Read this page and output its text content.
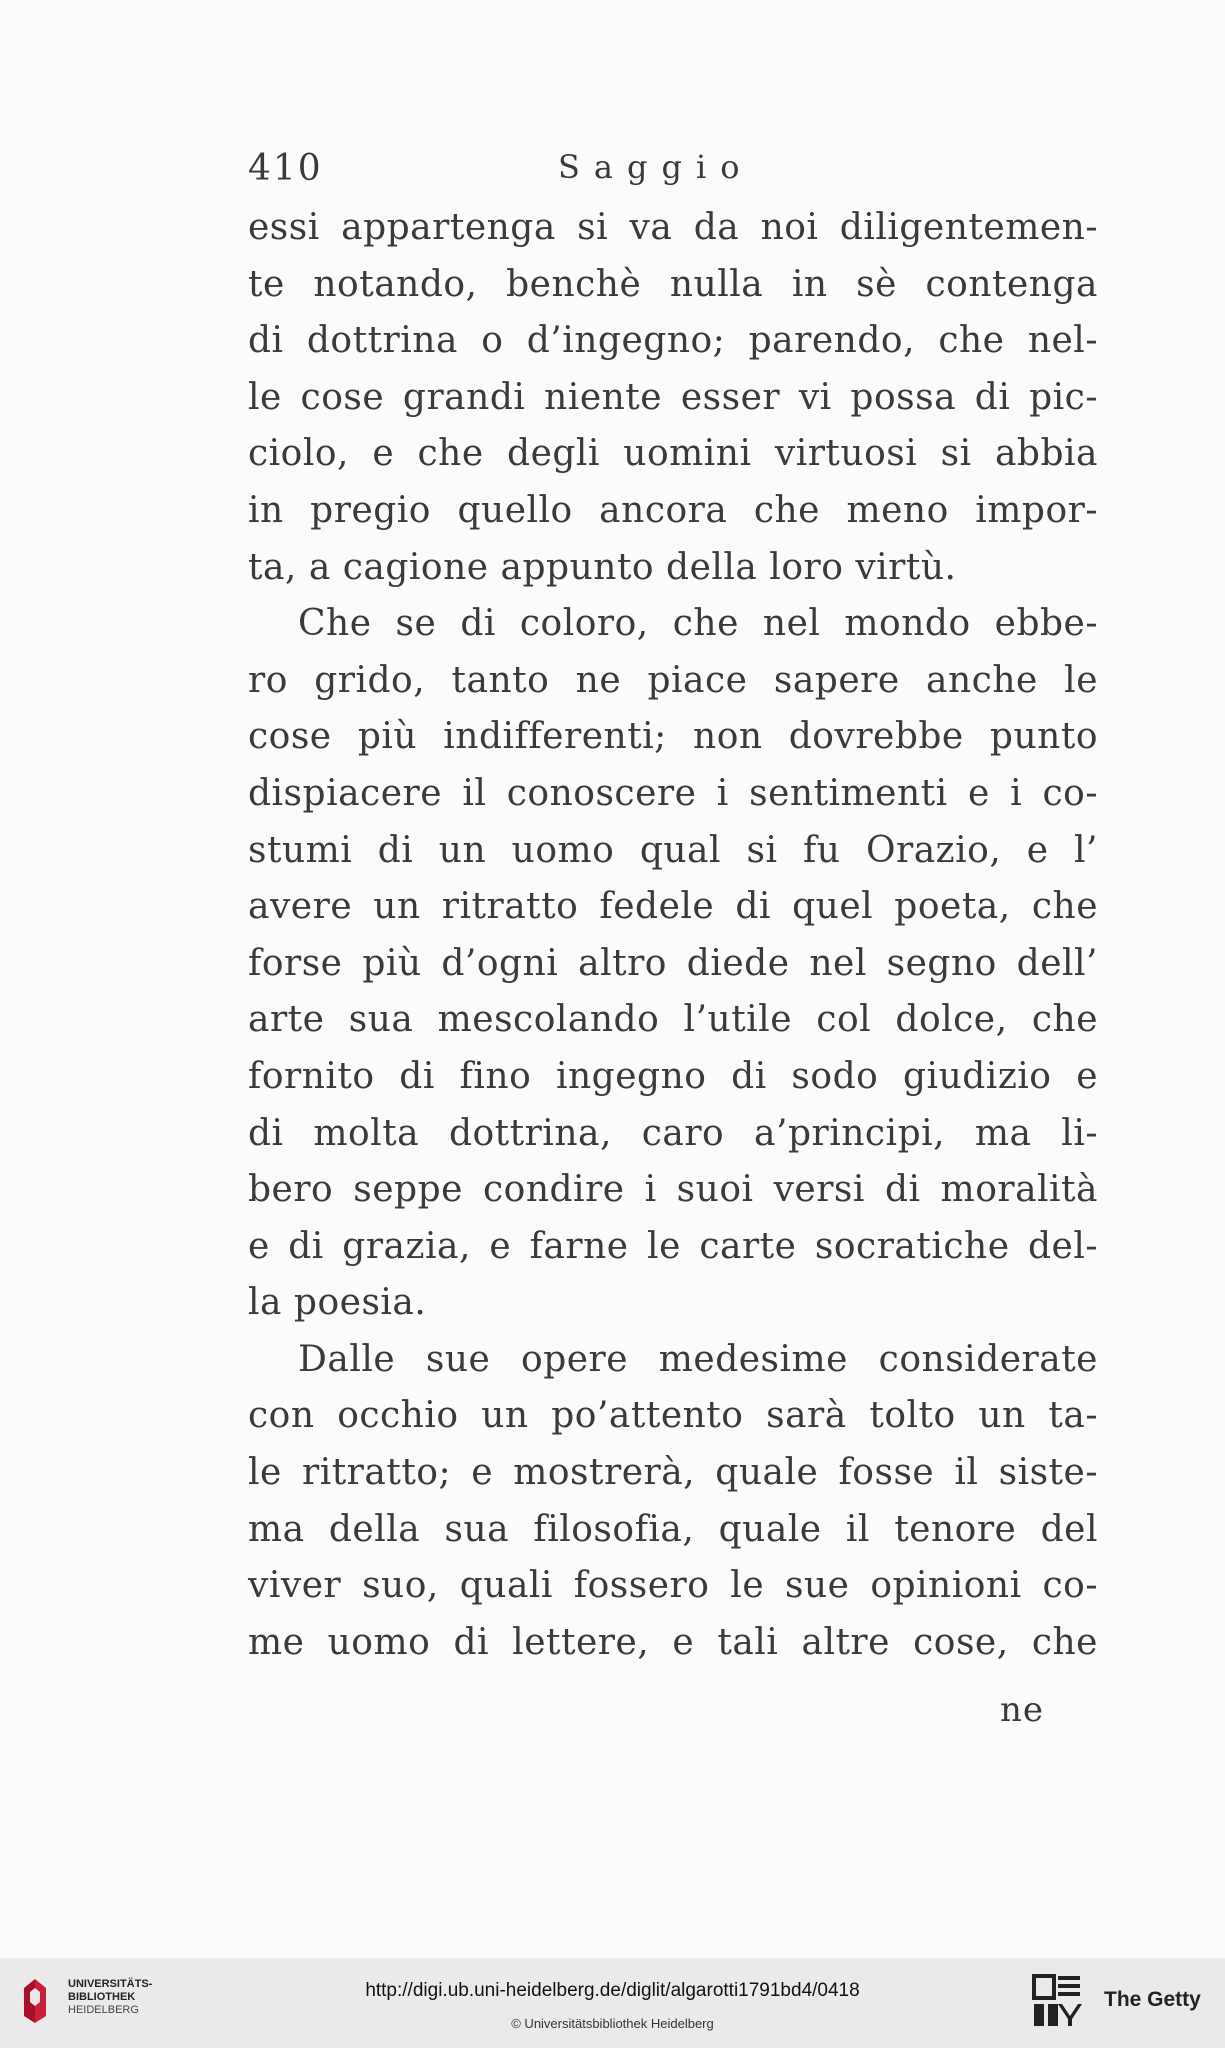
410	Saggio
essi appartenga si va da noi diligentemen-
te notando, benchè nulla in sè contenga
di dottrina o d’ingegno; parendo, che nel-
le cose grandi niente esser vi possa di pic-
ciolo, e che degli uomini virtuosi si abbia
in pregio quello ancora che meno impor-
ta, a cagione appunto della loro virtù.
Che se di coloro, che nel mondo ebbe-
ro grido, tanto ne piace sapere anche le
cose più indifferenti; non dovrebbe punto
dispiacere il conoscere i sentimenti e i co-
stumi di un uomo qual si fu Orazio, e l’
avere un ritratto fedele di quel poeta, che
forse più d’ogni altro diede nel segno dell’
arte sua mescolando l’utile col dolce, che
fornito di fino ingegno di sodo giudizio e
di molta dottrina, caro a’principi, ma li-
bero seppe condire i suoi versi di moralità
e di grazia, e farne le carte socratiche del-
la poesia.
Dalle sue opere medesime considerate
con occhio un po’attento sarà tolto un ta-
le ritratto; e mostrerà, quale fosse il siste-
ma della sua filosofia, quale il tenore del
viver suo, quali fossero le sue opinioni co-
me uomo di lettere, e tali altre cose, che
ne
UNIVERSITÄTS-
BIBLIOTHEK
HEIDELBERG
http://digi.ub.uni-heidelberg.de/diglit/algarotti1791bd4/0418
© Universitätsbibliothek Heidelberg
The Getty
